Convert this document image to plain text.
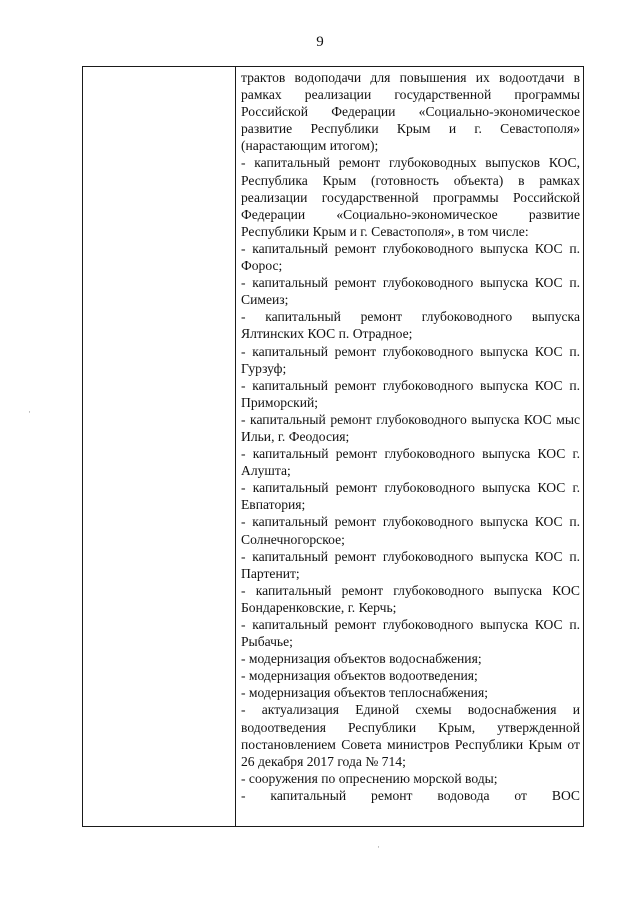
9

трактов водоподачи для повышения их водоотдачи в рамках реализации государственной программы Российской Федерации «Социально-экономическое развитие Республики Крым и г. Севастополя» (нарастающим итогом);

- капитальный ремонт глубоководных выпусков КОС, Республика Крым (готовность объекта) в рамках реализации государственной программы Российской Федерации «Социально-экономическое развитие Республики Крым и г. Севастополя», в том числе:

- капитальный ремонт глубоководного выпуска КОС п. Форос;

- капитальный ремонт глубоководного выпуска КОС п. Симеиз;

- капитальный ремонт глубоководного выпуска Ялтинских КОС п. Отрадное;

- капитальный ремонт глубоководного выпуска КОС п. Гурзуф;

- капитальный ремонт глубоководного выпуска КОС п. Приморский;

- капитальный ремонт глубоководного выпуска КОС мыс Ильи, г. Феодосия;

- капитальный ремонт глубоководного выпуска КОС г. Алушта;

- капитальный ремонт глубоководного выпуска КОС г. Евпатория;

- капитальный ремонт глубоководного выпуска КОС п. Солнечногорское;

- капитальный ремонт глубоководного выпуска КОС п. Партенит;

- капитальный ремонт глубоководного выпуска КОС Бондаренковские, г. Керчь;

- капитальный ремонт глубоководного выпуска КОС п. Рыбачье;

- модернизация объектов водоснабжения;

- модернизация объектов водоотведения;

- модернизация объектов теплоснабжения;

- актуализация Единой схемы водоснабжения и водоотведения Республики Крым, утвержденной постановлением Совета министров Республики Крым от 26 декабря 2017 года № 714;

- сооружения по опреснению морской воды;

- капитальный ремонт водовода от ВОС

·
·
